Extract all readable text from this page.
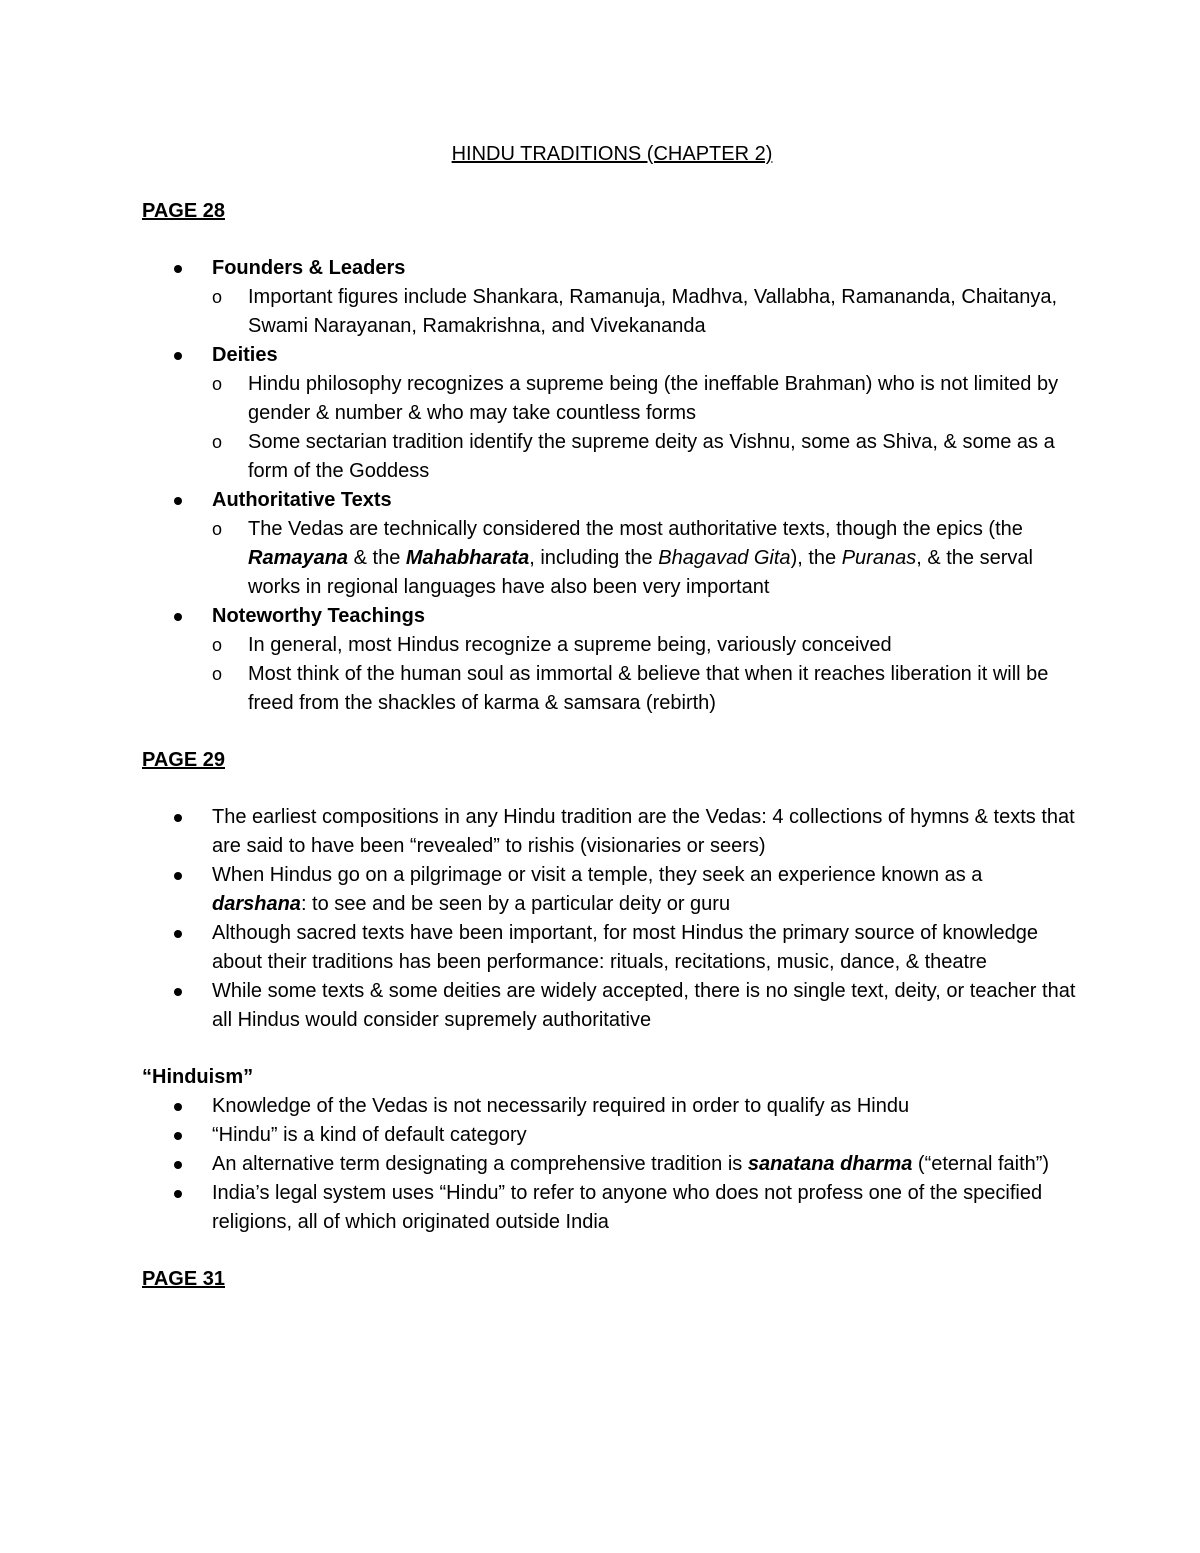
HINDU TRADITIONS (CHAPTER 2)
PAGE 28
Founders & Leaders
o Important figures include Shankara, Ramanuja, Madhva, Vallabha, Ramananda, Chaitanya, Swami Narayanan, Ramakrishna, and Vivekananda
Deities
o Hindu philosophy recognizes a supreme being (the ineffable Brahman) who is not limited by gender & number & who may take countless forms
o Some sectarian tradition identify the supreme deity as Vishnu, some as Shiva, & some as a form of the Goddess
Authoritative Texts
o The Vedas are technically considered the most authoritative texts, though the epics (the Ramayana & the Mahabharata, including the Bhagavad Gita), the Puranas, & the serval works in regional languages have also been very important
Noteworthy Teachings
o In general, most Hindus recognize a supreme being, variously conceived
o Most think of the human soul as immortal & believe that when it reaches liberation it will be freed from the shackles of karma & samsara (rebirth)
PAGE 29
The earliest compositions in any Hindu tradition are the Vedas: 4 collections of hymns & texts that are said to have been “revealed” to rishis (visionaries or seers)
When Hindus go on a pilgrimage or visit a temple, they seek an experience known as a darshana: to see and be seen by a particular deity or guru
Although sacred texts have been important, for most Hindus the primary source of knowledge about their traditions has been performance: rituals, recitations, music, dance, & theatre
While some texts & some deities are widely accepted, there is no single text, deity, or teacher that all Hindus would consider supremely authoritative
“Hinduism”
Knowledge of the Vedas is not necessarily required in order to qualify as Hindu
“Hindu” is a kind of default category
An alternative term designating a comprehensive tradition is sanatana dharma (“eternal faith”)
India’s legal system uses “Hindu” to refer to anyone who does not profess one of the specified religions, all of which originated outside India
PAGE 31
